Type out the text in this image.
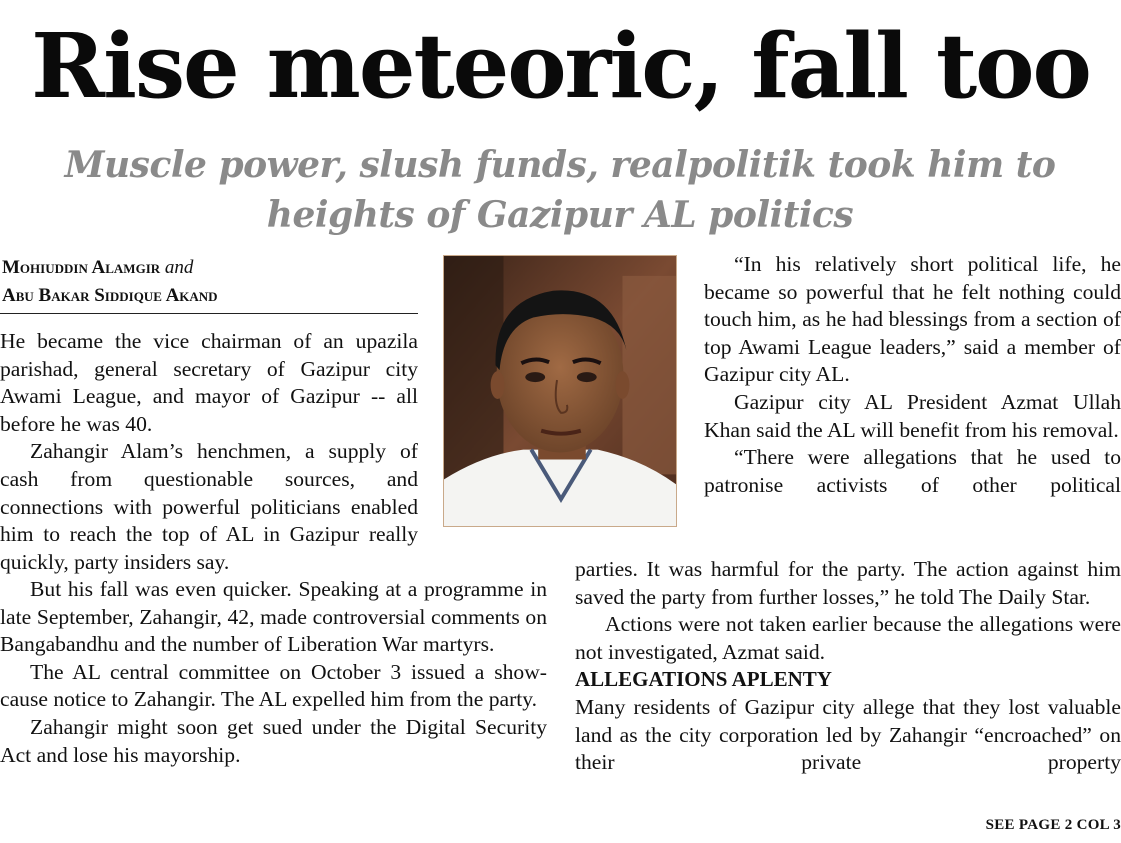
Rise meteoric, fall too
Muscle power, slush funds, realpolitik took him to
heights of Gazipur AL politics
Mohiuddin Alamgir and
Abu Bakar Siddique Akand

He became the vice chairman of an upazila parishad, general secretary of Gazipur city Awami League, and mayor of Gazipur -- all before he was 40.

Zahangir Alam’s henchmen, a supply of cash from questionable sources, and connections with powerful politicians enabled him to reach the top of AL in Gazipur really quickly, party insiders say.

But his fall was even quicker. Speaking at a programme in late September, Zahangir, 42, made controversial comments on Bangabandhu and the number of Liberation War martyrs.

The AL central committee on October 3 issued a show-cause notice to Zahangir. The AL expelled him from the party.

Zahangir might soon get sued under the Digital Security Act and lose his mayorship.

“In his relatively short political life, he became so powerful that he felt nothing could touch him, as he had blessings from a section of top Awami League leaders,” said a member of Gazipur city AL.

Gazipur city AL President Azmat Ullah Khan said the AL will benefit from his removal.

“There were allegations that he used to patronise activists of other political

parties. It was harmful for the party. The action against him saved the party from further losses,” he told The Daily Star.

Actions were not taken earlier because the allegations were not investigated, Azmat said.

ALLEGATIONS APLENTY

Many residents of Gazipur city allege that they lost valuable land as the city corporation led by Zahangir “encroached” on their private property

SEE PAGE 2 COL 3
